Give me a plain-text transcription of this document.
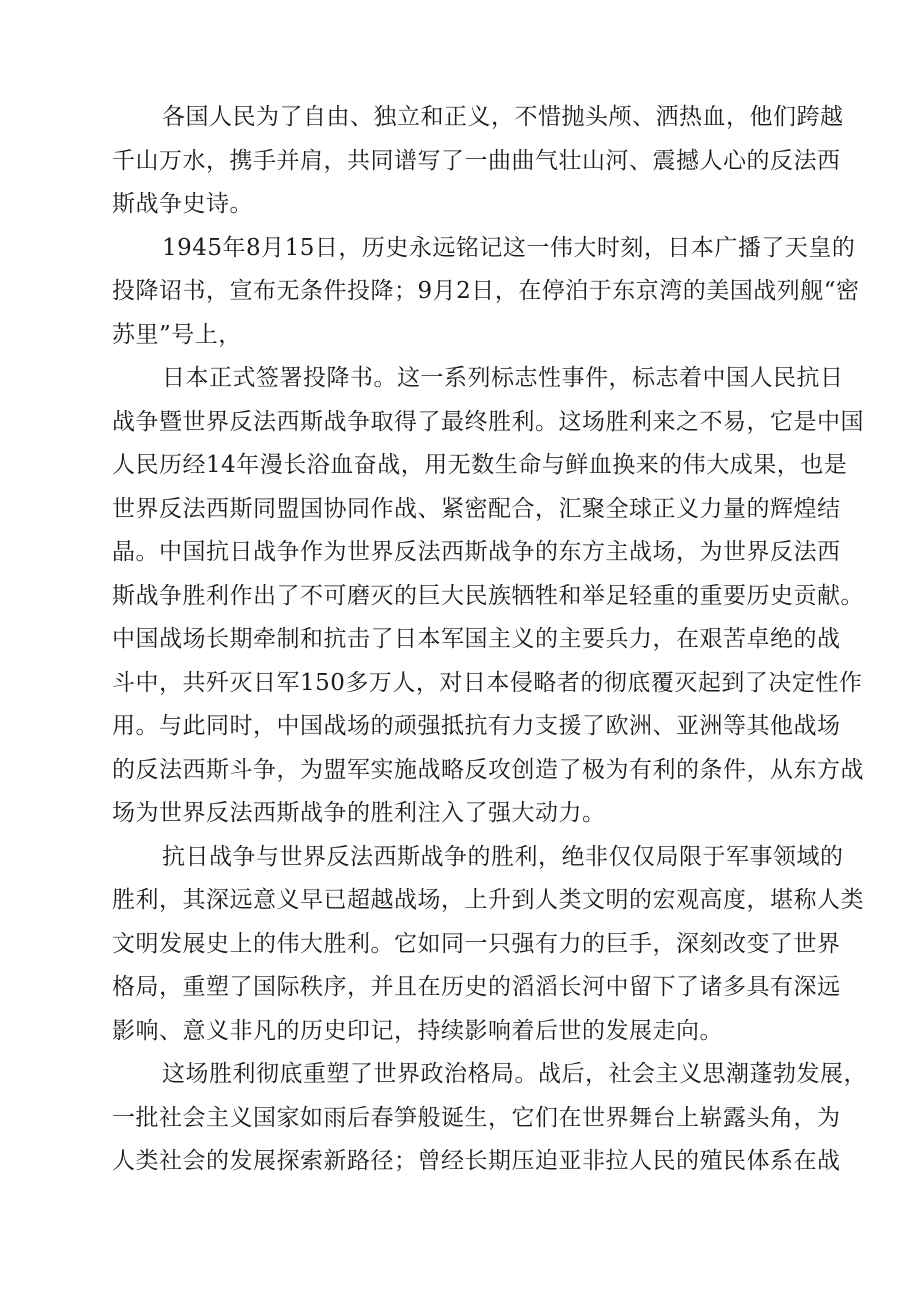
各国人民为了自由、独立和正义，不惜抛头颅、洒热血，他们跨越
千山万水，携手并肩，共同谱写了一曲曲气壮山河、震撼人心的反法西
斯战争史诗。
1945年8月15日，历史永远铭记这一伟大时刻，日本广播了天皇的
投降诏书，宣布无条件投降；9月2日，在停泊于东京湾的美国战列舰“密
苏里”号上，
日本正式签署投降书。这一系列标志性事件，标志着中国人民抗日
战争暨世界反法西斯战争取得了最终胜利。这场胜利来之不易，它是中国
人民历经14年漫长浴血奋战，用无数生命与鲜血换来的伟大成果，也是
世界反法西斯同盟国协同作战、紧密配合，汇聚全球正义力量的辉煌结
晶。中国抗日战争作为世界反法西斯战争的东方主战场，为世界反法西
斯战争胜利作出了不可磨灭的巨大民族牺牲和举足轻重的重要历史贡献。
中国战场长期牵制和抗击了日本军国主义的主要兵力，在艰苦卓绝的战
斗中，共歼灭日军150多万人，对日本侵略者的彻底覆灭起到了决定性作
用。与此同时，中国战场的顽强抵抗有力支援了欧洲、亚洲等其他战场
的反法西斯斗争，为盟军实施战略反攻创造了极为有利的条件，从东方战
场为世界反法西斯战争的胜利注入了强大动力。
抗日战争与世界反法西斯战争的胜利，绝非仅仅局限于军事领域的
胜利，其深远意义早已超越战场，上升到人类文明的宏观高度，堪称人类
文明发展史上的伟大胜利。它如同一只强有力的巨手，深刻改变了世界
格局，重塑了国际秩序，并且在历史的滔滔长河中留下了诸多具有深远
影响、意义非凡的历史印记，持续影响着后世的发展走向。
这场胜利彻底重塑了世界政治格局。战后，社会主义思潮蓬勃发展，
一批社会主义国家如雨后春笋般诞生，它们在世界舞台上崭露头角，为
人类社会的发展探索新路径；曾经长期压迫亚非拉人民的殖民体系在战
